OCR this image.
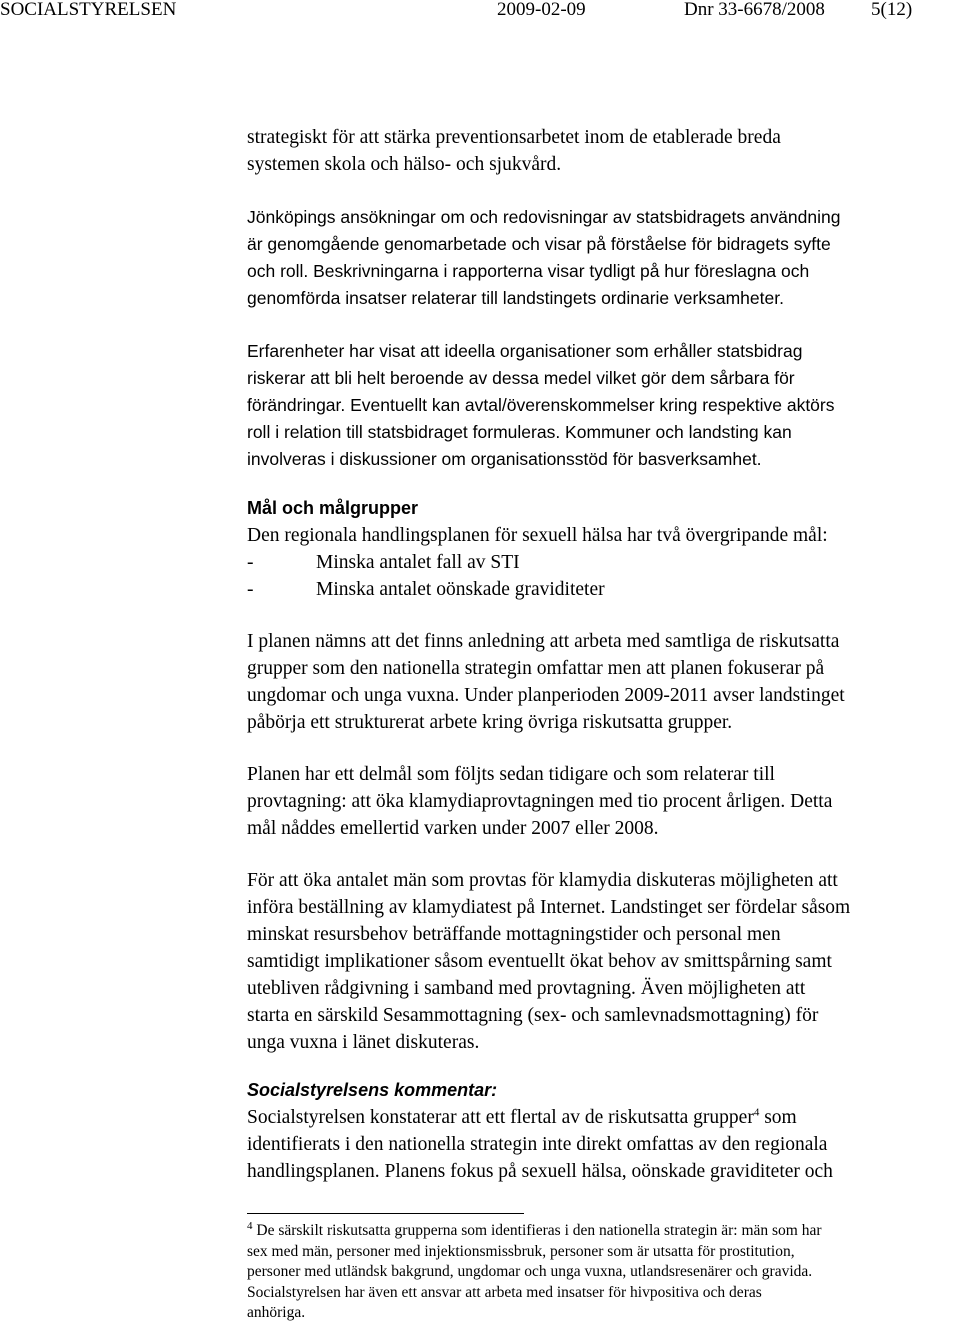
SOCIALSTYRELSEN	2009-02-09	Dnr 33-6678/2008 5(12)

strategiskt för att stärka preventionsarbetet inom de etablerade breda

systemen skola och hälso- och sjukvård.

Jönköpings ansökningar om och redovisningar av statsbidragets användning

är genomgående genomarbetade och visar på förståelse för bidragets syfte

och roll. Beskrivningarna i rapporterna visar tydligt på hur föreslagna och

genomförda insatser relaterar till landstingets ordinarie verksamheter.

Erfarenheter har visat att ideella organisationer som erhåller statsbidrag

riskerar att bli helt beroende av dessa medel vilket gör dem sårbara för

förändringar. Eventuellt kan avtal/överenskommelser kring respektive aktörs

roll i relation till statsbidraget formuleras. Kommuner och landsting kan

involveras i diskussioner om organisationsstöd för basverksamhet.

Mål och målgrupper

Den regionala handlingsplanen för sexuell hälsa har två övergripande mål:

-	Minska antalet fall av STI

-	Minska antalet oönskade graviditeter

I planen nämns att det finns anledning att arbeta med samtliga de riskutsatta

grupper som den nationella strategin omfattar men att planen fokuserar på

ungdomar och unga vuxna. Under planperioden 2009-2011 avser landstinget

påbörja ett strukturerat arbete kring övriga riskutsatta grupper.

Planen har ett delmål som följts sedan tidigare och som relaterar till

provtagning: att öka klamydiaprovtagningen med tio procent årligen. Detta

mål nåddes emellertid varken under 2007 eller 2008.

För att öka antalet män som provtas för klamydia diskuteras möjligheten att

införa beställning av klamydiatest på Internet. Landstinget ser fördelar såsom

minskat resursbehov beträffande mottagningstider och personal men

samtidigt implikationer såsom eventuellt ökat behov av smittspårning samt

utebliven rådgivning i samband med provtagning. Även möjligheten att

starta en särskild Sesammottagning (sex- och samlevnadsmottagning) för

unga vuxna i länet diskuteras.

Socialstyrelsens kommentar:

Socialstyrelsen konstaterar att ett flertal av de riskutsatta grupper$^4$ som

identifierats i den nationella strategin inte direkt omfattas av den regionala

handlingsplanen. Planens fokus på sexuell hälsa, oönskade graviditeter och

$^4$ De särskilt riskutsatta grupperna som identifieras i den nationella strategin är: män som har

sex med män, personer med injektionsmissbruk, personer som är utsatta för prostitution,

personer med utländsk bakgrund, ungdomar och unga vuxna, utlandsresenärer och gravida.

Socialstyrelsen har även ett ansvar att arbeta med insatser för hivpositiva och deras

anhöriga.
